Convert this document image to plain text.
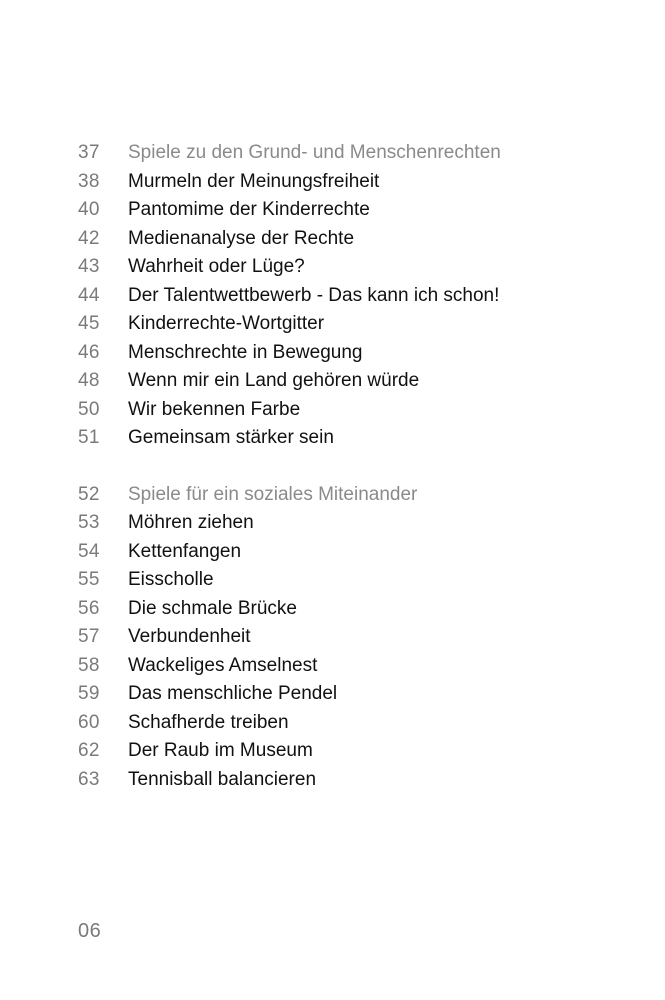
37	Spiele zu den Grund- und Menschenrechten
38	Murmeln der Meinungsfreiheit
40	Pantomime der Kinderrechte
42	Medienanalyse der Rechte
43	Wahrheit oder Lüge?
44	Der Talentwettbewerb - Das kann ich schon!
45	Kinderrechte-Wortgitter
46	Menschrechte in Bewegung
48	Wenn mir ein Land gehören würde
50	Wir bekennen Farbe
51	Gemeinsam stärker sein
52	Spiele für ein soziales Miteinander
53	Möhren ziehen
54	Kettenfangen
55	Eisscholle
56	Die schmale Brücke
57	Verbundenheit
58	Wackeliges Amselnest
59	Das menschliche Pendel
60	Schafherde treiben
62	Der Raub im Museum
63	Tennisball balancieren
06
